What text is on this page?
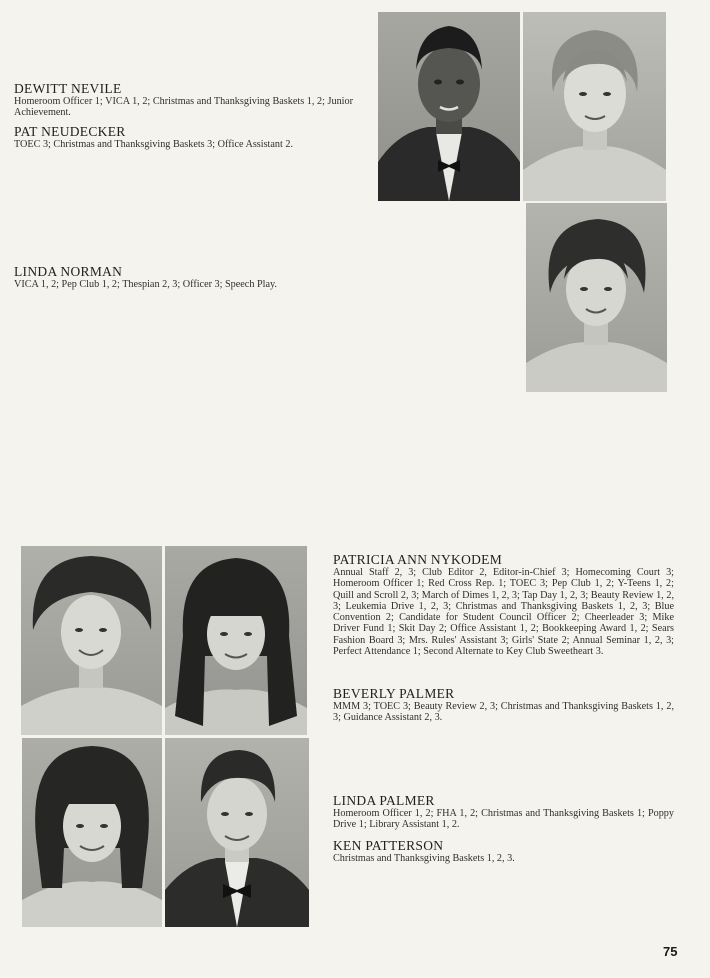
DEWITT NEVILE
Homeroom Officer 1; VICA 1, 2; Christmas and Thanksgiving Baskets 1, 2; Junior Achievement.
PAT NEUDECKER
TOEC 3; Christmas and Thanksgiving Baskets 3; Office Assistant 2.
LINDA NORMAN
VICA 1, 2; Pep Club 1, 2; Thespian 2, 3; Officer 3; Speech Play.
PATRICIA ANN NYKODEM
Annual Staff 2, 3; Club Editor 2, Editor-in-Chief 3; Homecoming Court 3; Homeroom Officer 1; Red Cross Rep. 1; TOEC 3; Pep Club 1, 2; Y-Teens 1, 2; Quill and Scroll 2, 3; March of Dimes 1, 2, 3; Tap Day 1, 2, 3; Beauty Review 1, 2, 3; Leukemia Drive 1, 2, 3; Christmas and Thanksgiving Baskets 1, 2, 3; Blue Convention 2; Candidate for Student Council Officer 2; Cheerleader 3; Mike Driver Fund 1; Skit Day 2; Office Assistant 1, 2; Bookkeeping Award 1, 2; Sears Fashion Board 3; Mrs. Rules' Assistant 3; Girls' State 2; Annual Seminar 1, 2, 3; Perfect Attendance 1; Second Alternate to Key Club Sweetheart 3.
BEVERLY PALMER
MMM 3; TOEC 3; Beauty Review 2, 3; Christmas and Thanksgiving Baskets 1, 2, 3; Guidance Assistant 2, 3.
LINDA PALMER
Homeroom Officer 1, 2; FHA 1, 2; Christmas and Thanksgiving Baskets 1; Poppy Drive 1; Library Assistant 1, 2.
KEN PATTERSON
Christmas and Thanksgiving Baskets 1, 2, 3.
75
